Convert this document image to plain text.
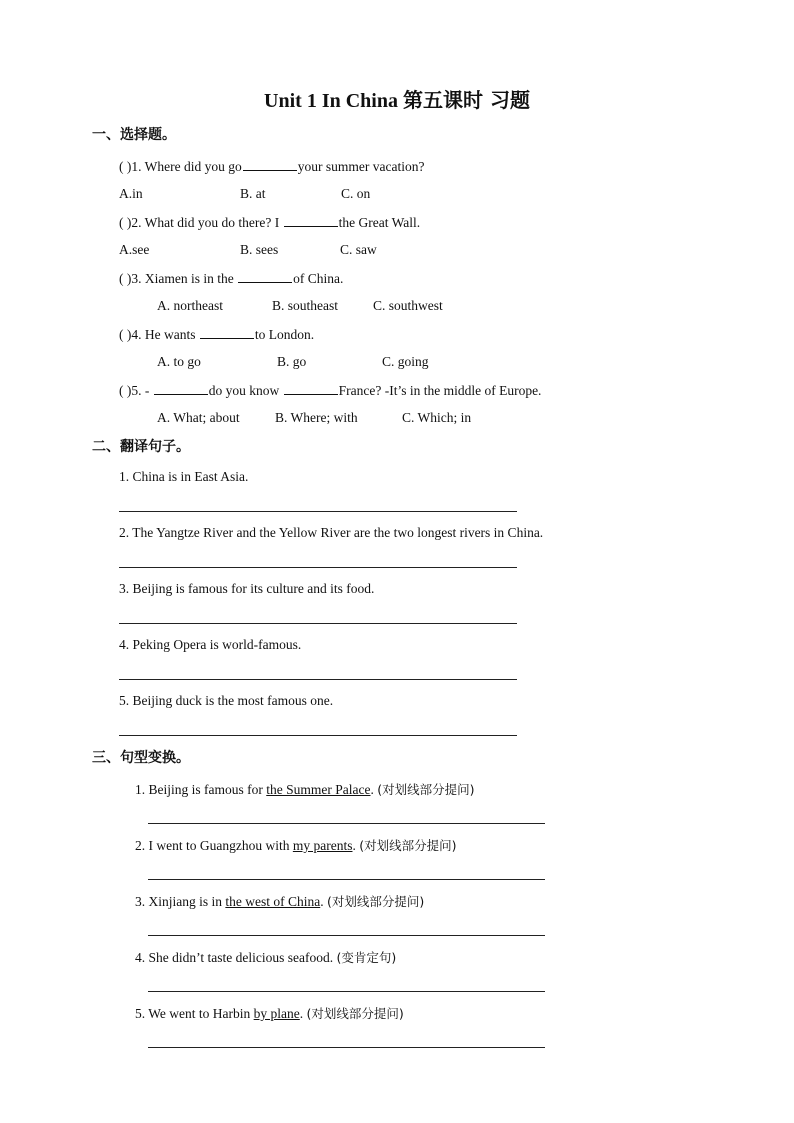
Unit 1 In China 第五课时 习题
一、选择题。
( )1. Where did you go	your summer vacation?
A.in	B. at	C. on
( )2. What did you do there? I	the Great Wall.
A.see	B. sees	C. saw
( )3. Xiamen is in the	of China.
A. northeast	B. southeast	C. southwest
( )4. He wants	to London.
A. to go	B. go	C. going
( )5. -	do you know	France? -It’s in the middle of Europe.
A. What; about	B. Where; with	C. Which; in
二、翻译句子。
1. China is in East Asia.
2. The Yangtze River and the Yellow River are the two longest rivers in China.
3. Beijing is famous for its culture and its food.
4. Peking Opera is world-famous.
5. Beijing duck is the most famous one.
三、句型变换。
1. Beijing is famous for the Summer Palace. (对划线部分提问)
2. I went to Guangzhou with my parents. (对划线部分提问)
3. Xinjiang is in the west of China. (对划线部分提问)
4. She didn’t taste delicious seafood. (变肯定句)
5. We went to Harbin by plane. (对划线部分提问)
